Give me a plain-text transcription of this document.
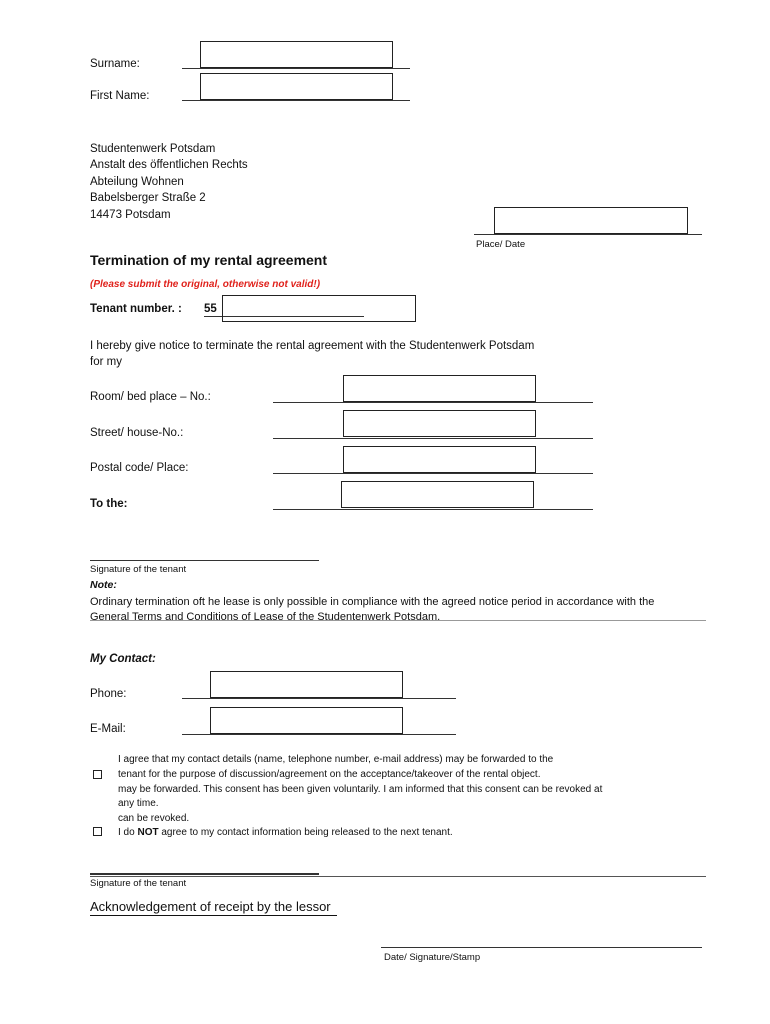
Surname:
First Name:
Studentenwerk Potsdam
Anstalt des öffentlichen Rechts
Abteilung Wohnen
Babelsberger Straße 2
14473 Potsdam
Place/ Date
Termination of my rental agreement
(Please submit the original, otherwise not valid!)
Tenant number. : 55
I hereby give notice to terminate the rental agreement with the Studentenwerk Potsdam
for my
Room/ bed place – No.:
Street/ house-No.:
Postal code/ Place:
To the:
Signature of the tenant
Note:
Ordinary termination oft he lease is only possible in compliance with the agreed notice period in accordance with the
General Terms and Conditions of Lease of the Studentenwerk Potsdam.
My Contact:
Phone:
E-Mail:
I agree that my contact details (name, telephone number, e-mail address) may be forwarded to the
tenant for the purpose of discussion/agreement on the acceptance/takeover of the rental object.
may be forwarded. This consent has been given voluntarily. I am informed that this consent can be revoked at
any time.
can be revoked.
I do NOT agree to my contact information being released to the next tenant.
Signature of the tenant
Acknowledgement of receipt by the lessor
Date/ Signature/Stamp
